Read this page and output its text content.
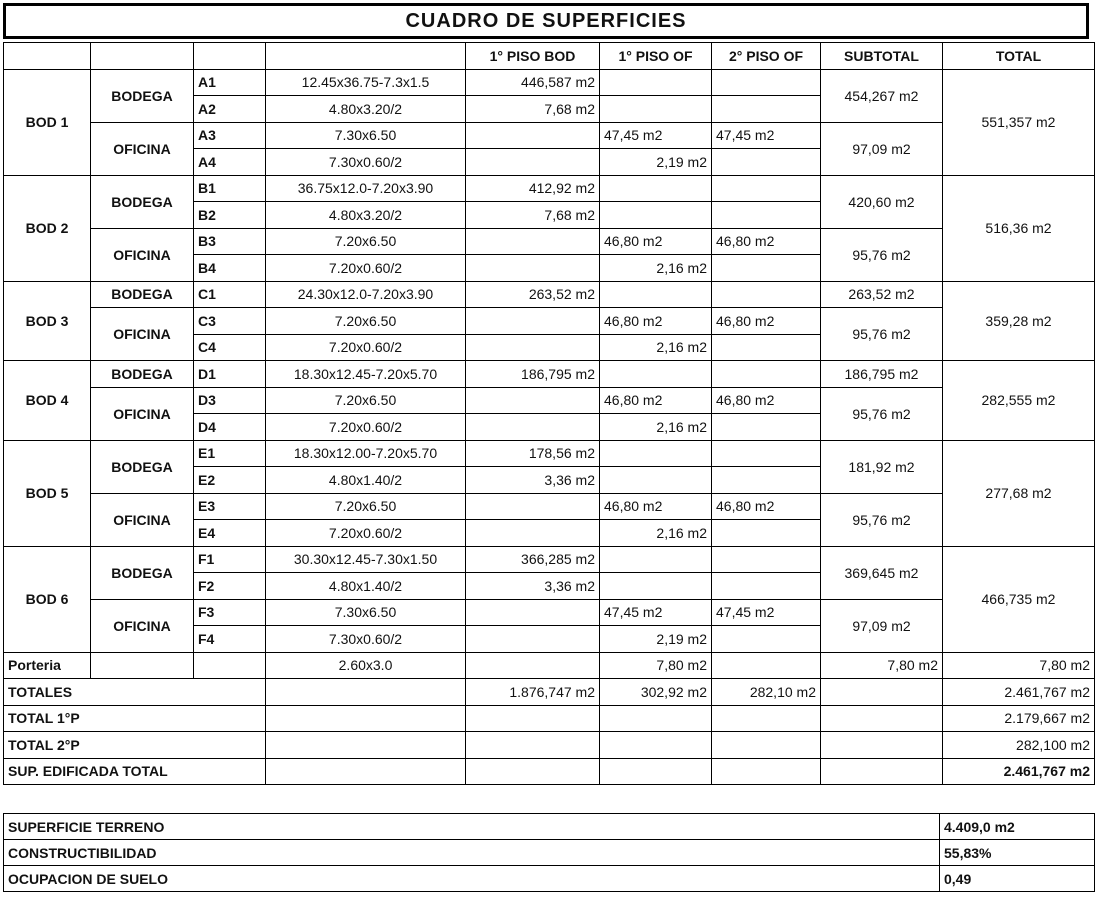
CUADRO DE SUPERFICIES
				1° PISO BOD	1° PISO OF	2° PISO OF	SUBTOTAL	TOTAL
BOD 1	BODEGA	A1	12.45x36.75-7.3x1.5	446,587 m2			454,267 m2	551,357 m2
		A2	4.80x3.20/2	7,68 m2				
	OFICINA	A3	7.30x6.50		47,45 m2	47,45 m2	97,09 m2	
		A4	7.30x0.60/2		2,19 m2			
BOD 2	BODEGA	B1	36.75x12.0-7.20x3.90	412,92 m2			420,60 m2	516,36 m2
		B2	4.80x3.20/2	7,68 m2				
	OFICINA	B3	7.20x6.50		46,80 m2	46,80 m2	95,76 m2	
		B4	7.20x0.60/2		2,16 m2			
BOD 3	BODEGA	C1	24.30x12.0-7.20x3.90	263,52 m2			263,52 m2	359,28 m2
	OFICINA	C3	7.20x6.50		46,80 m2	46,80 m2	95,76 m2	
		C4	7.20x0.60/2		2,16 m2			
BOD 4	BODEGA	D1	18.30x12.45-7.20x5.70	186,795 m2			186,795 m2	282,555 m2
	OFICINA	D3	7.20x6.50		46,80 m2	46,80 m2	95,76 m2	
		D4	7.20x0.60/2		2,16 m2			
BOD 5	BODEGA	E1	18.30x12.00-7.20x5.70	178,56 m2			181,92 m2	277,68 m2
		E2	4.80x1.40/2	3,36 m2				
	OFICINA	E3	7.20x6.50		46,80 m2	46,80 m2	95,76 m2	
		E4	7.20x0.60/2		2,16 m2			
BOD 6	BODEGA	F1	30.30x12.45-7.30x1.50	366,285 m2			369,645 m2	466,735 m2
		F2	4.80x1.40/2	3,36 m2				
	OFICINA	F3	7.30x6.50		47,45 m2	47,45 m2	97,09 m2	
		F4	7.30x0.60/2		2,19 m2			
Porteria			2.60x3.0		7,80 m2		7,80 m2	7,80 m2
TOTALES				1.876,747 m2	302,92 m2	282,10 m2		2.461,767 m2
TOTAL 1°P								2.179,667 m2
TOTAL 2°P								282,100 m2
SUP. EDIFICADA TOTAL								2.461,767 m2
SUPERFICIE TERRENO	4.409,0 m2
CONSTRUCTIBILIDAD	55,83%
OCUPACION DE SUELO	0,49
